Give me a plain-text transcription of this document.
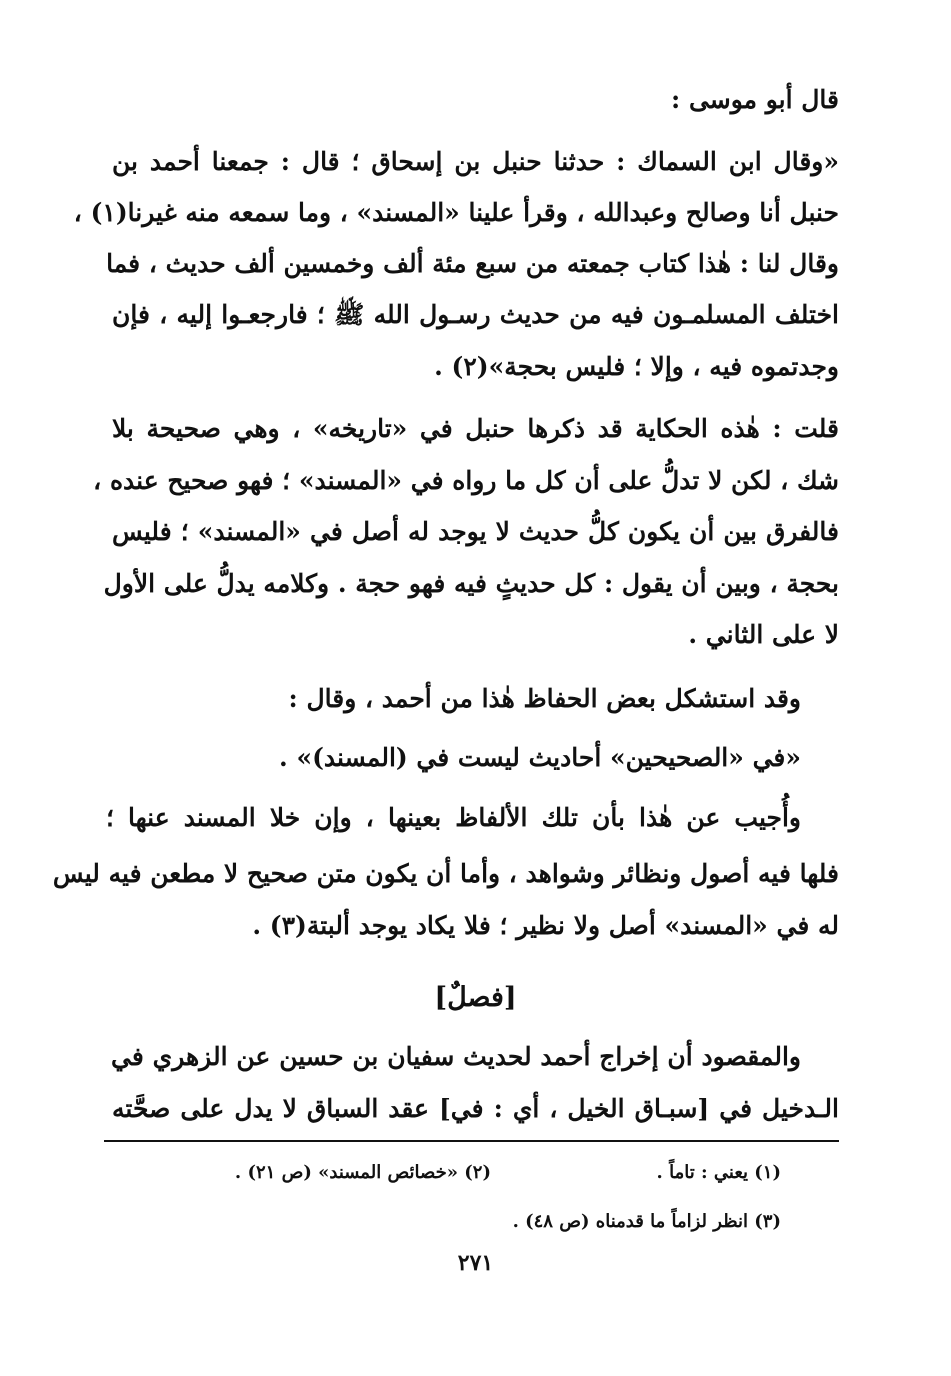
قال أبو موسى :
«وقال ابن السماك : حدثنا حنبل بن إسحاق ؛ قال : جمعنا أحمد بن
حنبل أنا وصالح وعبدالله ، وقرأ علينا «المسند» ، وما سمعه منه غيرنا(١) ،
وقال لنا : هٰذا كتاب جمعته من سبع مئة ألف وخمسين ألف حديث ، فما
اختلف المسلمـون فيه من حديث رسـول الله ﷺ ؛ فارجعـوا إليه ، فإن
وجدتموه فيه ، وإلا ؛ فليس بحجة»(٢) .
قلت : هٰذه الحكاية قد ذكرها حنبل في «تاريخه» ، وهي صحيحة بلا
شك ، لكن لا تدلُّ على أن كل ما رواه في «المسند» ؛ فهو صحيح عنده ،
فالفرق بين أن يكون كلُّ حديث لا يوجد له أصل في «المسند» ؛ فليس
بحجة ، وبين أن يقول : كل حديثٍ فيه فهو حجة . وكلامه يدلُّ على الأول
لا على الثاني .
وقد استشكل بعض الحفاظ هٰذا من أحمد ، وقال :
«في «الصحيحين» أحاديث ليست في (المسند)» .
وأُجيب عن هٰذا بأن تلك الألفاظ بعينها ، وإن خلا المسند عنها ؛
فلها فيه أصول ونظائر وشواهد ، وأما أن يكون متن صحيح لا مطعن فيه ليس
له في «المسند» أصل ولا نظير ؛ فلا يكاد يوجد ألبتة(٣) .
[فصلٌ]
والمقصود أن إخراج أحمد لحديث سفيان بن حسين عن الزهري في
الـدخيل في [سبـاق الخيل ، أي : في] عقد السباق لا يدل على صحَّته
(١) يعني : تاماً .
(٢) «خصائص المسند» (ص ٢١) .
(٣) انظر لزاماً ما قدمناه (ص ٤٨) .
٢٧١
